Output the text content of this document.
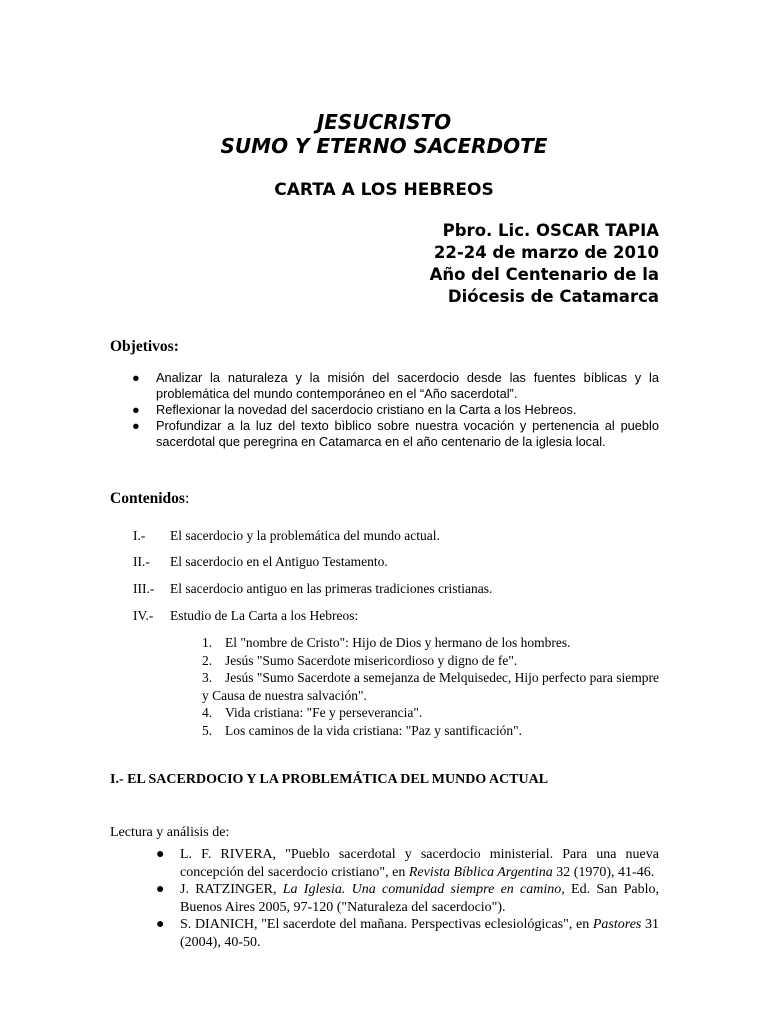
JESUCRISTO
SUMO Y ETERNO SACERDOTE
CARTA A LOS HEBREOS
Pbro. Lic. OSCAR TAPIA
22-24 de marzo de 2010
Año del Centenario de la
Diócesis de Catamarca
Objetivos:
● Analizar la naturaleza y la misión del sacerdocio desde las fuentes bíblicas y la problemática del mundo contemporáneo en el “Año sacerdotal”.
● Reflexionar la novedad del sacerdocio cristiano en la Carta a los Hebreos.
● Profundizar a la luz del texto bìblico sobre nuestra vocación y pertenencia al pueblo sacerdotal que peregrina en Catamarca en el año centenario de la iglesia local.
Contenidos:
I.- El sacerdocio y la problemática del mundo actual.
II.- El sacerdocio en el Antiguo Testamento.
III.- El sacerdocio antiguo en las primeras tradiciones cristianas.
IV.- Estudio de La Carta a los Hebreos:
1. El "nombre de Cristo": Hijo de Dios y hermano de los hombres.
2. Jesús "Sumo Sacerdote misericordioso y digno de fe".
3. Jesús "Sumo Sacerdote a semejanza de Melquisedec, Hijo perfecto para siempre y Causa de nuestra salvación".
4. Vida cristiana: "Fe y perseverancia".
5. Los caminos de la vida cristiana: "Paz y santificación".
I.- EL SACERDOCIO Y LA PROBLEMÁTICA DEL MUNDO ACTUAL
Lectura y análisis de:
● L. F. RIVERA, "Pueblo sacerdotal y sacerdocio ministerial. Para una nueva concepción del sacerdocio cristiano", en Revista Bíblica Argentina 32 (1970), 41-46.
● J. RATZINGER, La Iglesia. Una comunidad siempre en camino, Ed. San Pablo, Buenos Aires 2005, 97-120 ("Naturaleza del sacerdocio").
● S. DIANICH, "El sacerdote del mañana. Perspectivas eclesiológicas", en Pastores 31 (2004), 40-50.
